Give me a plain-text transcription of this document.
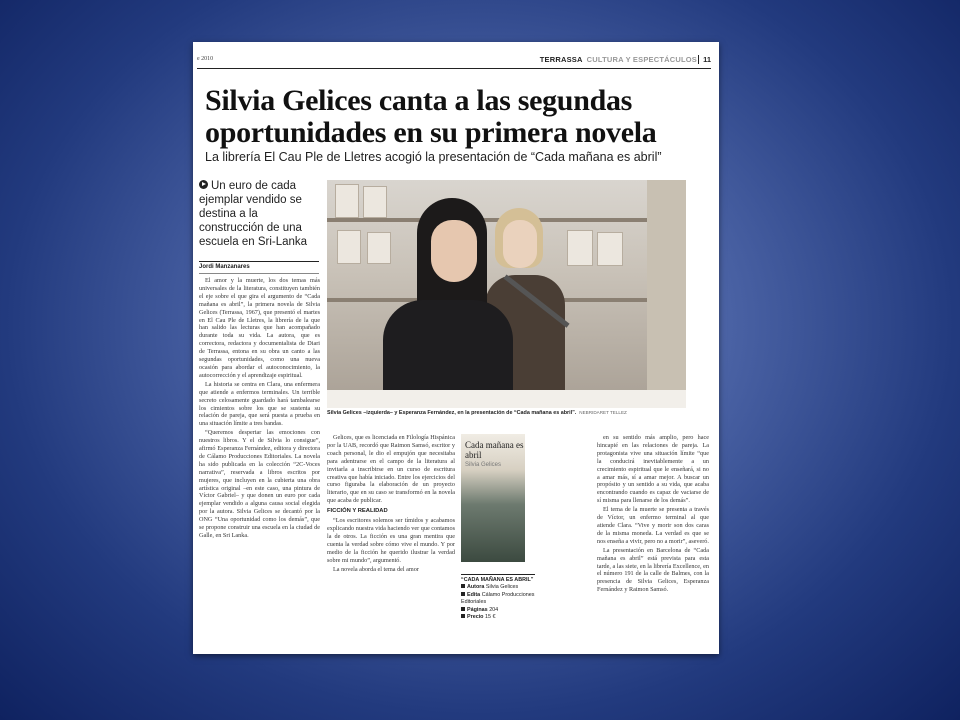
e 2010	TERRASSA CULTURA Y ESPECTÁCULOS 11
Silvia Gelices canta a las segundas
oportunidades en su primera novela
La librería El Cau Ple de Lletres acogió la presentación de “Cada mañana es abril”
Un euro de cada ejemplar vendido se destina a la construcción de una escuela en Sri-Lanka
Jordi Manzanares

El amor y la muerte, los dos temas más universales de la literatura, constituyen también el eje sobre el que gira el argumento de “Cada mañana es abril”, la primera novela de Silvia Gelices (Terrassa, 1967), que presentó el martes en El Cau Ple de Lletres, la librería de la que han salido las lecturas que han acompañado durante toda su vida. La autora, que es correctora, redactora y documentalista de Diari de Terrassa, entona en su obra un canto a las segundas oportunidades, como una nueva ocasión para abordar el autoconocimiento, la autocorrección y el aprendizaje espiritual.

La historia se centra en Clara, una enfermera que atiende a enfermos terminales. Un terrible secreto celosamente guardado hará tambalearse los cimientos sobre los que se sustenta su relación de pareja, que será puesta a prueba en una situación límite a tres bandas.

“Queremos despertar las emociones con nuestros libros. Y el de Silvia lo consigue”, afirmó Esperanza Fernández, editora y directora de Cálamo Producciones Editoriales. La novela ha sido publicada en la colección “2C-Voces narrativa”, reservada a libros escritos por mujeres, que incluyen en la cubierta una obra artística original –en este caso, una pintura de Víctor Gabriel– y que donen un euro por cada ejemplar vendido a alguna causa social elegida por la autora. Silvia Gelices se decantó por la ONG “Una oportunidad como los demás”, que se propone construir una escuela en la ciudad de Galle, en Sri Lanka.

Silvia Gelices –izquierda– y Esperanza Fernández, en la presentación de “Cada mañana es abril”. NEBRIDARET TELLEZ

Gelices, que es licenciada en Filología Hispánica por la UAB, recordó que Raimon Samsó, escritor y coach personal, le dio el empujón que necesitaba para adentrarse en el campo de la literatura al invitarla a inscribirse en un curso de escritura creativa que había iniciado. Entre los ejercicios del curso figuraba la elaboración de un proyecto literario, que en su caso se transformó en la novela que acaba de publicar.

FICCIÓN Y REALIDAD

“Los escritores solemos ser tímidos y acabamos explicando nuestra vida haciendo ver que contamos la de otros. La ficción es una gran mentira que cuenta la verdad sobre cómo vive el mundo. Y por medio de la ficción he querido ilustrar la verdad sobre mi mundo”, argumentó.

La novela aborda el tema del amor

Cada mañana es abril
Silvia Gelices
“CADA MAÑANA ES ABRIL”
Autora Silvia Gelices
Edita Cálamo Producciones Editoriales
Páginas 204
Precio 15 €

en su sentido más amplio, pero hace hincapié en las relaciones de pareja. La protagonista vive una situación límite “que la conducirá inevitablemente a un crecimiento espiritual que le enseñará, si no a amar más, sí a amar mejor. A buscar un propósito y un sentido a su vida, que acaba encontrando cuando es capaz de vaciarse de sí misma para llenarse de los demás”.

El tema de la muerte se presenta a través de Víctor, un enfermo terminal al que atiende Clara. “Vive y morir son dos caras de la misma moneda. La verdad es que se nos enseña a vivir, pero no a morir”, aseveró.

La presentación en Barcelona de “Cada mañana es abril” está prevista para esta tarde, a las siete, en la librería Excellence, en el número 191 de la calle de Balmes, con la presencia de Silvia Gelices, Esperanza Fernández y Raimon Samsó.
